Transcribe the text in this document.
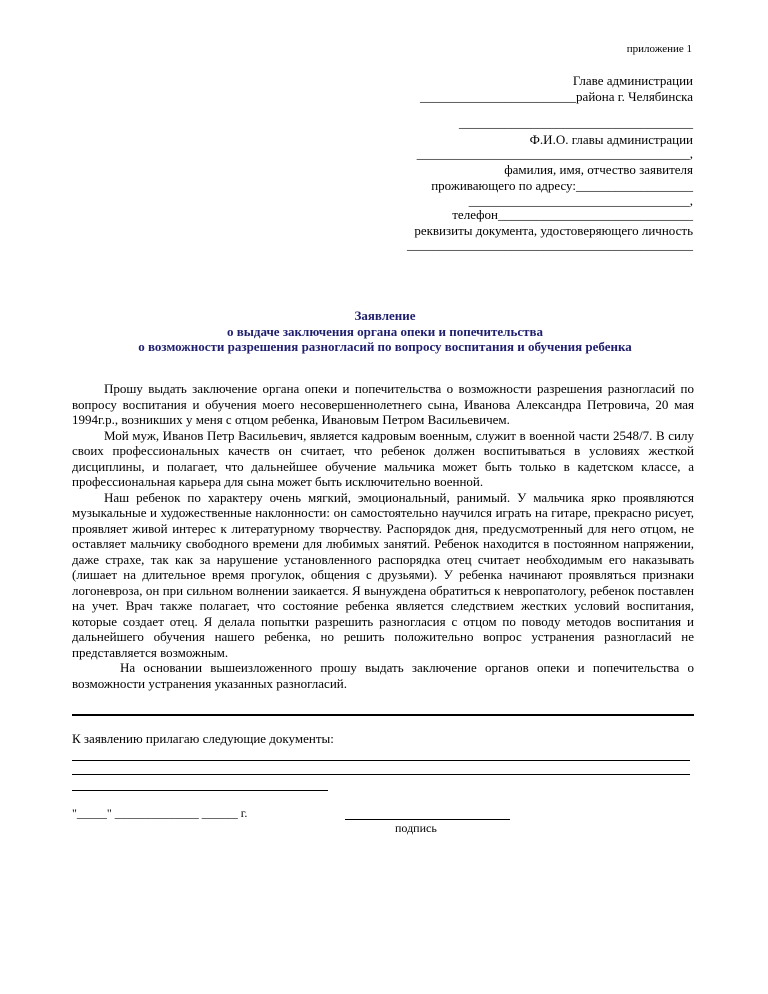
приложение 1
Главе администрации
________________________района г. Челябинска
____________________________________
Ф.И.О. главы администрации
__________________________________________,
фамилия, имя, отчество заявителя
проживающего по адресу:__________________
__________________________________,
телефон______________________________
реквизиты документа, удостоверяющего личность
____________________________________________
Заявление
о выдаче заключения органа опеки и попечительства
о возможности разрешения разногласий по вопросу воспитания и обучения ребенка

Прошу выдать заключение органа опеки и попечительства о возможности разрешения разногласий по вопросу воспитания и обучения моего несовершеннолетнего сына, Иванова Александра Петровича, 20 мая 1994г.р., возникших у меня с отцом ребенка, Ивановым Петром Васильевичем.

Мой муж, Иванов Петр Васильевич, является кадровым военным, служит в военной части 2548/7. В силу своих профессиональных качеств он считает, что ребенок должен воспитываться в условиях жесткой дисциплины, и полагает, что дальнейшее обучение мальчика может быть только в кадетском классе, а профессиональная карьера для сына может быть исключительно военной.

Наш ребенок по характеру очень мягкий, эмоциональный, ранимый. У мальчика ярко проявляются музыкальные и художественные наклонности: он самостоятельно научился играть на гитаре, прекрасно рисует, проявляет живой интерес к литературному творчеству. Распорядок дня, предусмотренный для него отцом, не оставляет мальчику свободного времени для любимых занятий. Ребенок находится в постоянном напряжении, даже страхе, так как за нарушение установленного распорядка отец считает необходимым его наказывать (лишает на длительное время прогулок, общения с друзьями). У ребенка начинают проявляться признаки логоневроза, он при сильном волнении заикается. Я вынуждена обратиться к невропатологу, ребенок поставлен на учет. Врач также полагает, что состояние ребенка является следствием жестких условий воспитания, которые создает отец. Я делала попытки разрешить разногласия с отцом по поводу методов воспитания и дальнейшего обучения нашего ребенка, но решить положительно вопрос устранения разногласий не представляется возможным.

На основании вышеизложенного прошу выдать заключение органов опеки и попечительства о возможности устранения указанных разногласий.

К заявлению прилагаю следующие документы:
"_____" ______________ ______ г.
подпись
